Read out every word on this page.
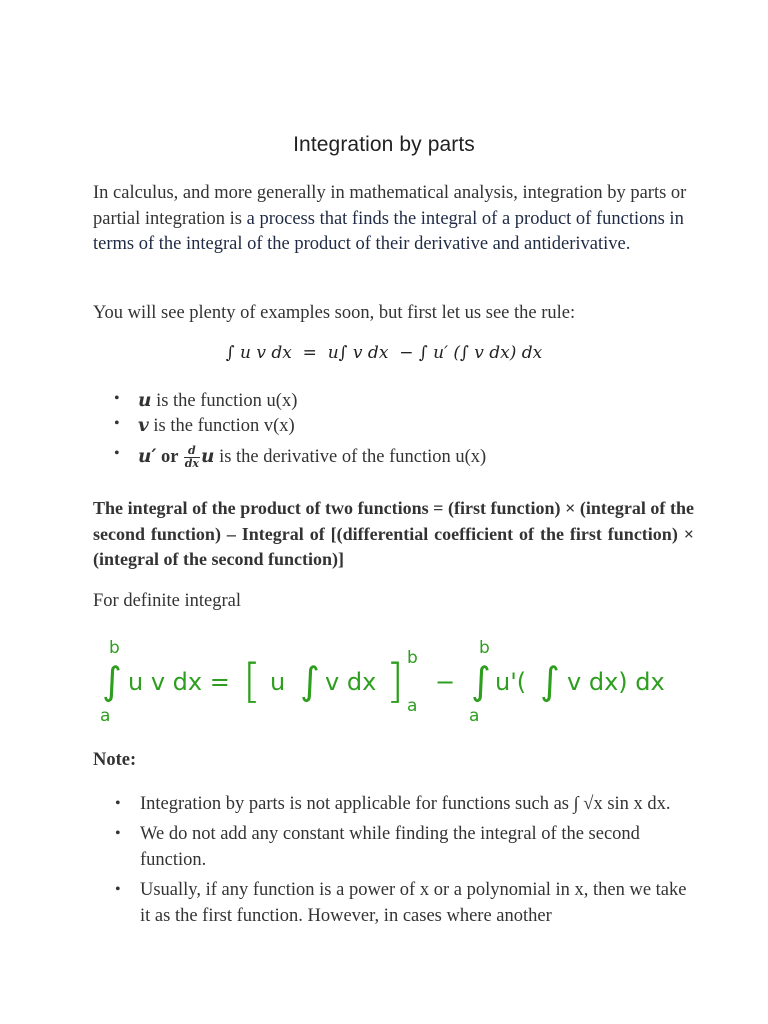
Integration by parts
In calculus, and more generally in mathematical analysis, integration by parts or partial integration is a process that finds the integral of a product of functions in terms of the integral of the product of their derivative and antiderivative.
You will see plenty of examples soon, but first let us see the rule:
∫ u v dx  =  u∫ v dx  − ∫ u′ (∫ v dx) dx
• u is the function u(x)
• v is the function v(x)
• u′ or $\frac{d}{dx}$ u is the derivative of the function u(x)
The integral of the product of two functions = (first function) × (integral of the second function) – Integral of [(differential coefficient of the first function) × (integral of the second function)]
For definite integral
b
∫
a
u v dx = [ u ∫ v dx ] b
a
−
b
∫
a
u'( ∫ v dx) dx
Note:
• Integration by parts is not applicable for functions such as ∫ √x sin x dx.
• We do not add any constant while finding the integral of the second function.
• Usually, if any function is a power of x or a polynomial in x, then we take it as the first function. However, in cases where another
